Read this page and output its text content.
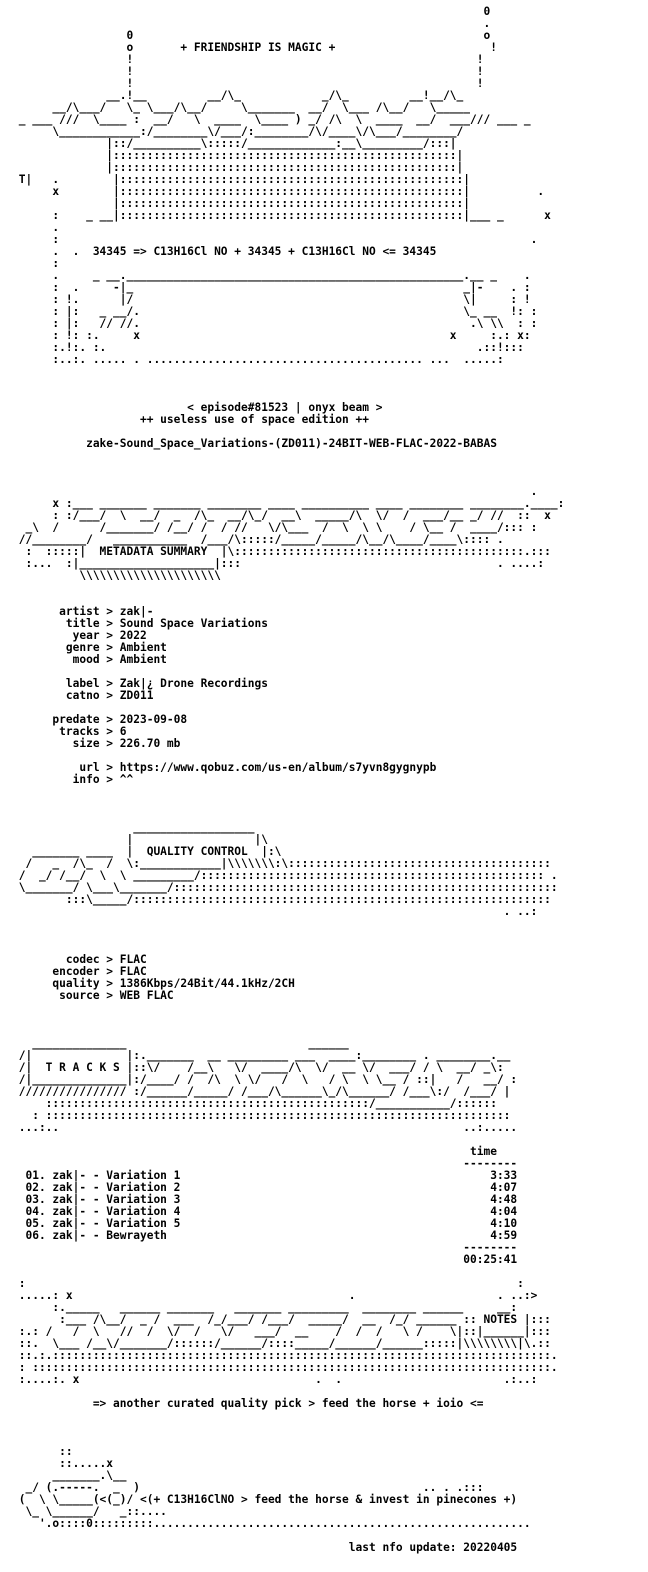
0
.
0                                                    o
o       + FRIENDSHIP IS MAGIC +                       !
!                                                   !
!                                                   !
!                                                   !
__.!__         __/\_            _/\_         __!__/\_
__/\___/   \_ \___/\__/     \_______  __/  \___ /\__/   \_____
_ ___ ///  \____ :  __/   \  ____  \____ ) _/ /\  \  ____  __/  ___/// ___ _
\____________:/________\/___/:________/\/____\/\___/________/
|::/__________\:::::/_____________:__\_________/:::|
|:::::::::::::::::::::::::::::::::::::::::::::::::::|
|:::::::::::::::::::::::::::::::::::::::::::::::::::|
T|   .        |:::::::::::::::::::::::::::::::::::::::::::::::::::|
x        |:::::::::::::::::::::::::::::::::::::::::::::::::::|          .
|:::::::::::::::::::::::::::::::::::::::::::::::::::|
:    _ __|:::::::::::::::::::::::::::::::::::::::::::::::::::|___ _      x
.
:                                                                      .
.  .  34345 => C13H16Cl NO + 34345 + C13H16Cl NO <= 34345
:
.     _ __.__________________________________________________.__ _    .
:  .     -|_                                                 _|-    . :
: !.      |/                                                 \|     : !
: |:   _ __/.                                                \_ __  !: :
: |:   // //.                                                 .\ \\  : :
: !: :.     x                                              x     :.: x:
:.!:. :.                                                       .::!:::
:..:. ..... . ......................................... ...  .....:
< episode#81523 | onyx beam >
++ useless use of space edition ++
zake-Sound_Space_Variations-(ZD011)-24BIT-WEB-FLAC-2022-BABAS
.
x :___ _______ _______ ________ ____ __________ ____ ________ ________.____:
: :/___/  \  __/  _  /\_  __/\_/  __\  _____/\  \/  /  ___/__ _/ //  ::  x
_\  /      /_______/ /__/ /  / //   \/\___  /  \  \ \    / \__ /  ____/::: :
//________/   ___________  /___/\:::::/_____/_____/\__/\____/____\:::: .
:  :::::|  METADATA SUMMARY  |\:::::::::::::::::::::::::::::::::::::::::::.:::
:...  :|____________________|:::                                      . ....:
\\\\\\\\\\\\\\\\\\\\\
artist > zak|-
title > Sound Space Variations
year > 2022
genre > Ambient
mood > Ambient
label > Zak|¿ Drone Recordings
catno > ZD011
predate > 2023-09-08
tracks > 6
size > 226.70 mb
url > https://www.qobuz.com/us-en/album/s7yvn8gygnypb
info > ^^
__________________
|                  |\
_______ ____  |  QUALITY CONTROL  |:\
/   _  /\_  /  \:____________|\\\\\\\:\:::::::::::::::::::::::::::::::::::::::
/  _/ /__/  \  \ _________/::::::::::::::::::::::::::::::::::::::::::::::::::: .
\_______/ \___\_______/:::::::::::::::::::::::::::::::::::::::::::::::::::::::::
:::\_____/::::::::::::::::::::::::::::::::::::::::::::::::::::::::::::::
. ..:
codec > FLAC
encoder > FLAC
quality > 1386Kbps/24Bit/44.1kHz/2CH
source > WEB FLAC
______________                           ______
/|              |:._______  __ _________ ___  ____:________ . ________.__
/|  T R A C K S |::\/    /__\   \/  ____/\  \/  __ \/  ___/ / \  __/ _\:
/|______________|:/____/ /  /\  \ \/   /  \   / \  \ \__ / ::|   /   __/ :
//////////////// :/______/_____/ /___/\______\_/\______/ /___\:/  /___/ |
::::::::::::::::::::::::::::::::::::::::::::::::/___________/::::::
: :::::::::::::::::::::::::::::::::::::::::::::::::::::::::::::::::::::
...:..                                                            ..:.....
time
--------
01. zak|- - Variation 1                                              3:33
02. zak|- - Variation 2                                              4:07
03. zak|- - Variation 3                                              4:48
04. zak|- - Variation 4                                              4:04
05. zak|- - Variation 5                                              4:10
06. zak|- - Bewrayeth                                                4:59
--------
00:25:41
:                                                                         :
.....: x                                         .                     . ..:>
:._____   ______ _______   _______ _________  ________ ______     __:
:___ /\__/  _ /  ___  /_/___/ /___/  _____/  __  /_/ ______ :: NOTES |:::
:.: /   /  \   //  /  \/  /   \/   ___/  __    /  /  /   \ /    \|::|______|:::
::.  \___ /__\/_______/::::::/______/::::_____/______/______:::::|\\\\\\\\|\.::
::.:.::::::::::::::::::::::::::::::::::::::::::::::::::::::::::::::::::::::::::.
: :::::::::::::::::::::::::::::::::::::::::::::::::::::::::::::::::::::::::::::.
:....:. x                                   .  .                        .:..:
=> another curated quality pick > feed the horse + ioio <=
::
::.....x
_______.\__
_/ (.-----.  _  )                                          .. . .:::
(  \ \_____(<(_)/ <(+ C13H16ClNO > feed the horse & invest in pinecones +)
\_ \______/   _::....
'.o::::0:::::::::........................................................
last nfo update: 20220405
